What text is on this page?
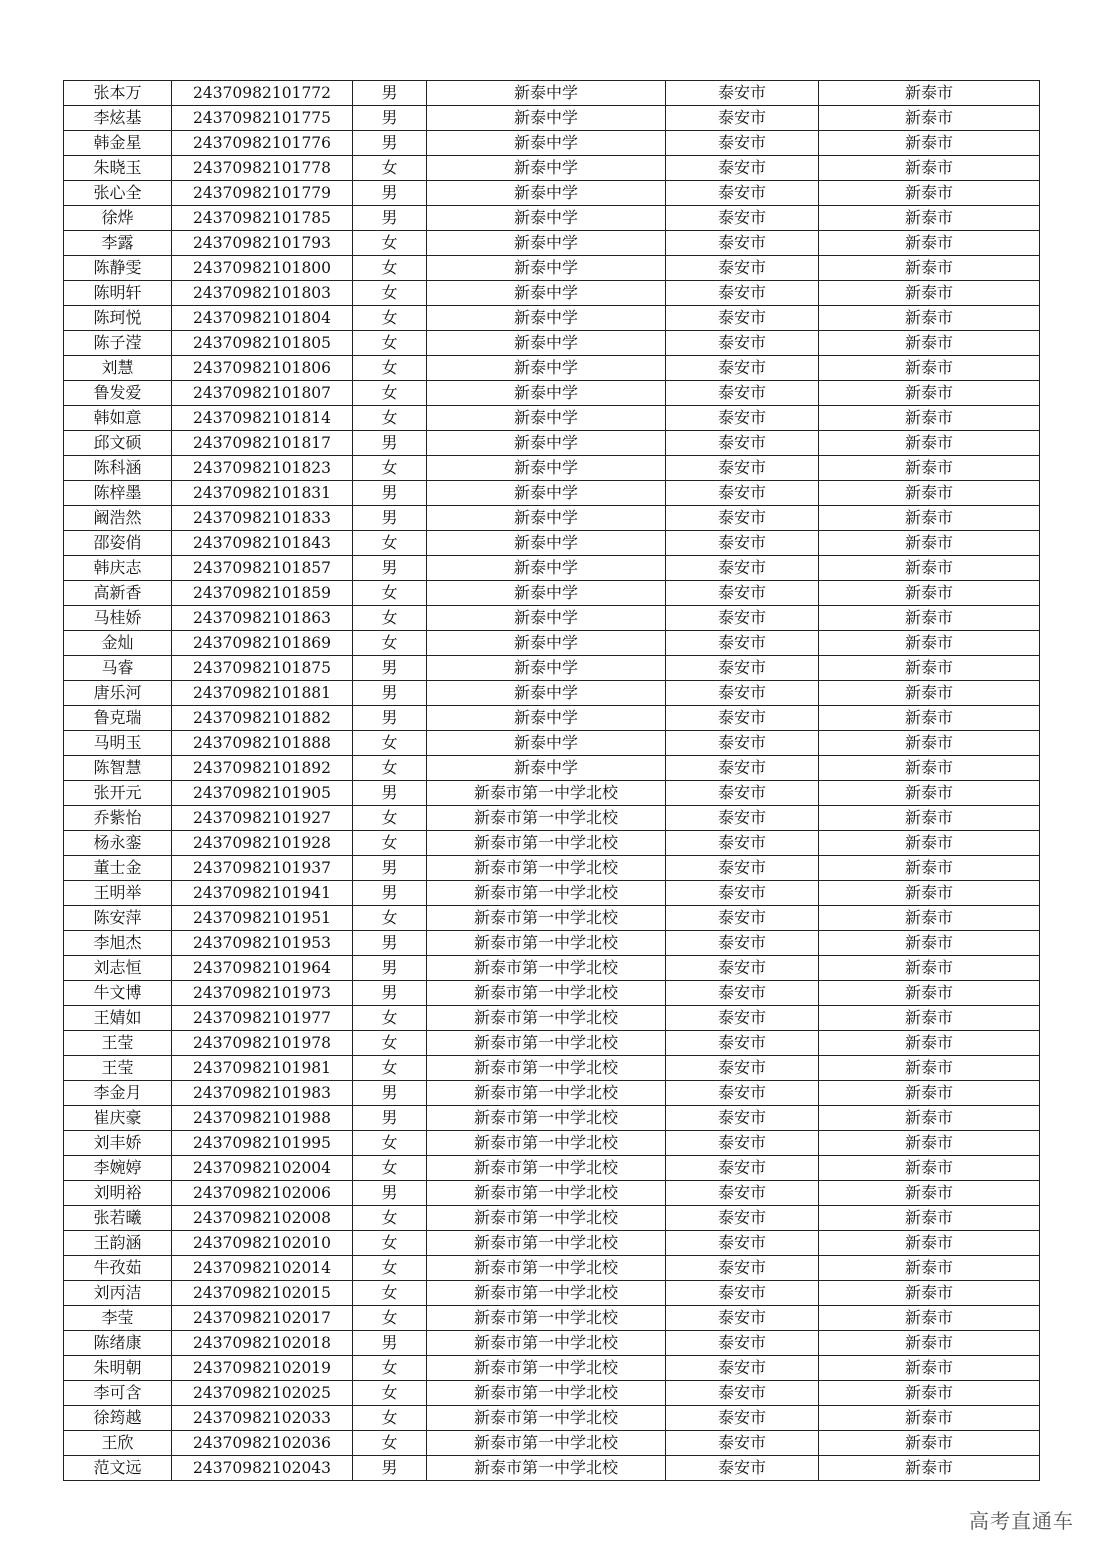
张本万	24370982101772	男	新泰中学	泰安市	新泰市
李炫基	24370982101775	男	新泰中学	泰安市	新泰市
韩金星	24370982101776	男	新泰中学	泰安市	新泰市
朱晓玉	24370982101778	女	新泰中学	泰安市	新泰市
张心全	24370982101779	男	新泰中学	泰安市	新泰市
徐烨	24370982101785	男	新泰中学	泰安市	新泰市
李露	24370982101793	女	新泰中学	泰安市	新泰市
陈静雯	24370982101800	女	新泰中学	泰安市	新泰市
陈明轩	24370982101803	女	新泰中学	泰安市	新泰市
陈珂悦	24370982101804	女	新泰中学	泰安市	新泰市
陈子滢	24370982101805	女	新泰中学	泰安市	新泰市
刘慧	24370982101806	女	新泰中学	泰安市	新泰市
鲁发爱	24370982101807	女	新泰中学	泰安市	新泰市
韩如意	24370982101814	女	新泰中学	泰安市	新泰市
邱文硕	24370982101817	男	新泰中学	泰安市	新泰市
陈科涵	24370982101823	女	新泰中学	泰安市	新泰市
陈梓墨	24370982101831	男	新泰中学	泰安市	新泰市
阚浩然	24370982101833	男	新泰中学	泰安市	新泰市
邵姿俏	24370982101843	女	新泰中学	泰安市	新泰市
韩庆志	24370982101857	男	新泰中学	泰安市	新泰市
高新香	24370982101859	女	新泰中学	泰安市	新泰市
马桂娇	24370982101863	女	新泰中学	泰安市	新泰市
金灿	24370982101869	女	新泰中学	泰安市	新泰市
马睿	24370982101875	男	新泰中学	泰安市	新泰市
唐乐河	24370982101881	男	新泰中学	泰安市	新泰市
鲁克瑞	24370982101882	男	新泰中学	泰安市	新泰市
马明玉	24370982101888	女	新泰中学	泰安市	新泰市
陈智慧	24370982101892	女	新泰中学	泰安市	新泰市
张开元	24370982101905	男	新泰市第一中学北校	泰安市	新泰市
乔紫怡	24370982101927	女	新泰市第一中学北校	泰安市	新泰市
杨永銮	24370982101928	女	新泰市第一中学北校	泰安市	新泰市
董士金	24370982101937	男	新泰市第一中学北校	泰安市	新泰市
王明举	24370982101941	男	新泰市第一中学北校	泰安市	新泰市
陈安萍	24370982101951	女	新泰市第一中学北校	泰安市	新泰市
李旭杰	24370982101953	男	新泰市第一中学北校	泰安市	新泰市
刘志恒	24370982101964	男	新泰市第一中学北校	泰安市	新泰市
牛文博	24370982101973	男	新泰市第一中学北校	泰安市	新泰市
王婧如	24370982101977	女	新泰市第一中学北校	泰安市	新泰市
王莹	24370982101978	女	新泰市第一中学北校	泰安市	新泰市
王莹	24370982101981	女	新泰市第一中学北校	泰安市	新泰市
李金月	24370982101983	男	新泰市第一中学北校	泰安市	新泰市
崔庆豪	24370982101988	男	新泰市第一中学北校	泰安市	新泰市
刘丰娇	24370982101995	女	新泰市第一中学北校	泰安市	新泰市
李婉婷	24370982102004	女	新泰市第一中学北校	泰安市	新泰市
刘明裕	24370982102006	男	新泰市第一中学北校	泰安市	新泰市
张若曦	24370982102008	女	新泰市第一中学北校	泰安市	新泰市
王韵涵	24370982102010	女	新泰市第一中学北校	泰安市	新泰市
牛孜茹	24370982102014	女	新泰市第一中学北校	泰安市	新泰市
刘丙洁	24370982102015	女	新泰市第一中学北校	泰安市	新泰市
李莹	24370982102017	女	新泰市第一中学北校	泰安市	新泰市
陈绪康	24370982102018	男	新泰市第一中学北校	泰安市	新泰市
朱明朝	24370982102019	女	新泰市第一中学北校	泰安市	新泰市
李可含	24370982102025	女	新泰市第一中学北校	泰安市	新泰市
徐筠越	24370982102033	女	新泰市第一中学北校	泰安市	新泰市
王欣	24370982102036	女	新泰市第一中学北校	泰安市	新泰市
范文远	24370982102043	男	新泰市第一中学北校	泰安市	新泰市
高考直通车
